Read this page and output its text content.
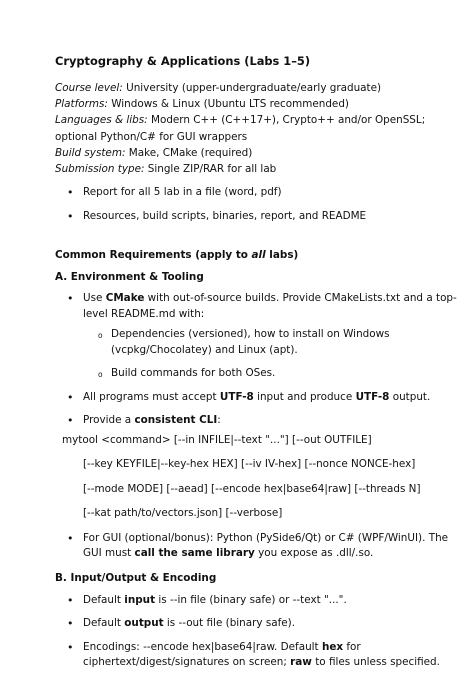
Cryptography & Applications (Labs 1–5)

Course level: University (upper-undergraduate/early graduate)

Platforms: Windows & Linux (Ubuntu LTS recommended)

Languages & libs: Modern C++ (C++17+), Crypto++ and/or OpenSSL;

optional Python/C# for GUI wrappers

Build system: Make, CMake (required)

Submission type: Single ZIP/RAR for all lab

• Report for all 5 lab in a file (word, pdf)
• Resources, build scripts, binaries, report, and README

Common Requirements (apply to all labs)

A. Environment & Tooling

• Use CMake with out-of-source builds. Provide CMakeLists.txt and a top-level README.md with:
o Dependencies (versioned), how to install on Windows (vcpkg/Chocolatey) and Linux (apt).
o Build commands for both OSes.
• All programs must accept UTF-8 input and produce UTF-8 output.
• Provide a consistent CLI:

mytool <command> [--in INFILE|--text "..."] [--out OUTFILE]

[--key KEYFILE|--key-hex HEX] [--iv IV-hex] [--nonce NONCE-hex]

[--mode MODE] [--aead] [--encode hex|base64|raw] [--threads N]

[--kat path/to/vectors.json] [--verbose]

• For GUI (optional/bonus): Python (PySide6/Qt) or C# (WPF/WinUI). The GUI must call the same library you expose as .dll/.so.

B. Input/Output & Encoding

• Default input is --in file (binary safe) or --text "...".
• Default output is --out file (binary safe).
• Encodings: --encode hex|base64|raw. Default hex for ciphertext/digest/signatures on screen; raw to files unless specified.
